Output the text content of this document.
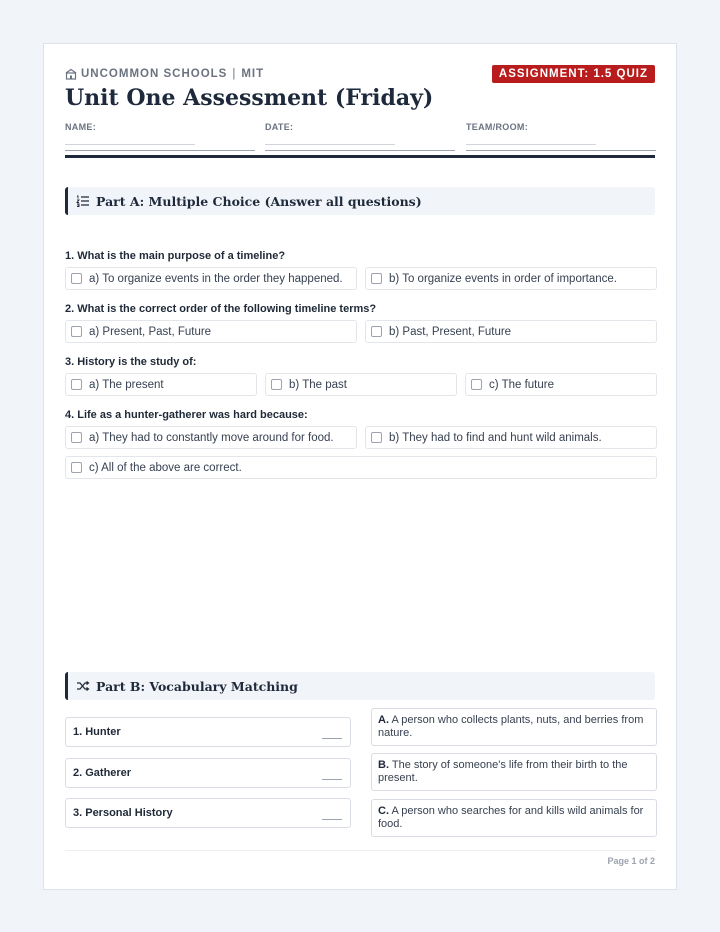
UNCOMMON SCHOOLS | MIT	ASSIGNMENT: 1.5 QUIZ
Unit One Assessment (Friday)
NAME:	DATE:	TEAM/ROOM:
Part A: Multiple Choice (Answer all questions)
1. What is the main purpose of a timeline?
a) To organize events in the order they happened.	b) To organize events in order of importance.
2. What is the correct order of the following timeline terms?
a) Present, Past, Future	b) Past, Present, Future
3. History is the study of:
a) The present	b) The past	c) The future
4. Life as a hunter-gatherer was hard because:
a) They had to constantly move around for food.	b) They had to find and hunt wild animals.
c) All of the above are correct.
Part B: Vocabulary Matching
1. Hunter
2. Gatherer
3. Personal History
A. A person who collects plants, nuts, and berries from nature.
B. The story of someone's life from their birth to the present.
C. A person who searches for and kills wild animals for food.
Page 1 of 2
